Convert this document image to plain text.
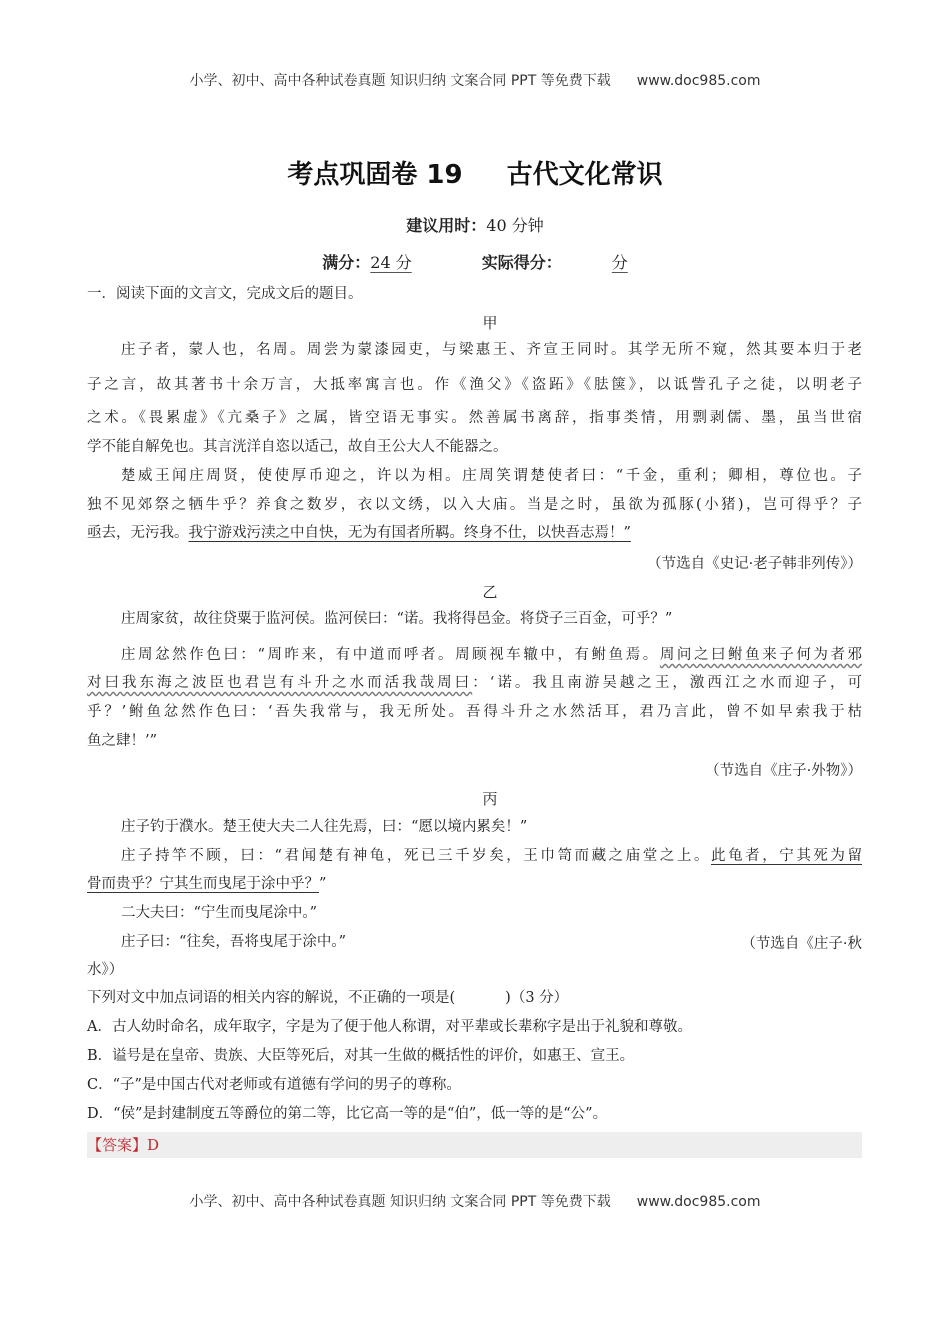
小学、初中、高中各种试卷真题 知识归纳 文案合同 PPT 等免费下载 www.doc985.com
考点巩固卷 19 古代文化常识
建议用时：40 分钟
满分：24 分	实际得分：	分
一．阅读下面的文言文，完成文后的题目。
甲
庄子者，蒙人也，名周。周尝为蒙漆园吏，与梁惠王、齐宣王同时。其学无所不窥，然其要本归于老
子之言，故其著书十余万言，大抵率寓言也。作《渔父》《盗跖》《胠箧》，以诋訾孔子之徒，以明老子
之术。《畏累虚》《亢桑子》之属，皆空语无事实。然善属书离辞，指事类情，用剽剥儒、墨，虽当世宿
学不能自解免也。其言洸洋自恣以适己，故自王公大人不能器之。
楚威王闻庄周贤，使使厚币迎之，许以为相。庄周笑谓楚使者曰：“千金，重利；卿相，尊位也。子
独不见郊祭之牺牛乎？养食之数岁，衣以文绣，以入大庙。当是之时，虽欲为孤豚(小猪)，岂可得乎？子
亟去，无污我。我宁游戏污渎之中自快，无为有国者所羁。终身不仕，以快吾志焉！”
（节选自《史记·老子韩非列传》）
乙
庄周家贫，故往贷粟于监河侯。监河侯曰：“诺。我将得邑金。将贷子三百金，可乎？”
庄周忿然作色曰：“周昨来，有中道而呼者。周顾视车辙中，有鲋鱼焉。周问之曰鲋鱼来子何为者邪
对曰我东海之波臣也君岂有斗升之水而活我哉周曰：‘诺。我且南游吴越之王，激西江之水而迎子，可
乎？’鲋鱼忿然作色曰：‘吾失我常与，我无所处。吾得斗升之水然活耳，君乃言此，曾不如早索我于枯
鱼之肆！’”
（节选自《庄子·外物》）
丙
庄子钓于濮水。楚王使大夫二人往先焉，曰：“愿以境内累矣！”
庄子持竿不顾，曰：“君闻楚有神龟，死已三千岁矣，王巾笥而藏之庙堂之上。此龟者，宁其死为留
骨而贵乎？宁其生而曳尾于涂中乎？”
二大夫曰：“宁生而曳尾涂中。”
庄子曰：“往矣，吾将曳尾于涂中。”	（节选自《庄子·秋
水》）
下列对文中加点词语的相关内容的解说，不正确的一项是(	)（3 分）
A．古人幼时命名，成年取字，字是为了便于他人称谓，对平辈或长辈称字是出于礼貌和尊敬。
B．谥号是在皇帝、贵族、大臣等死后，对其一生做的概括性的评价，如惠王、宣王。
C．“子”是中国古代对老师或有道德有学问的男子的尊称。
D．“侯”是封建制度五等爵位的第二等，比它高一等的是“伯”，低一等的是“公”。
【答案】D
小学、初中、高中各种试卷真题 知识归纳 文案合同 PPT 等免费下载 www.doc985.com
